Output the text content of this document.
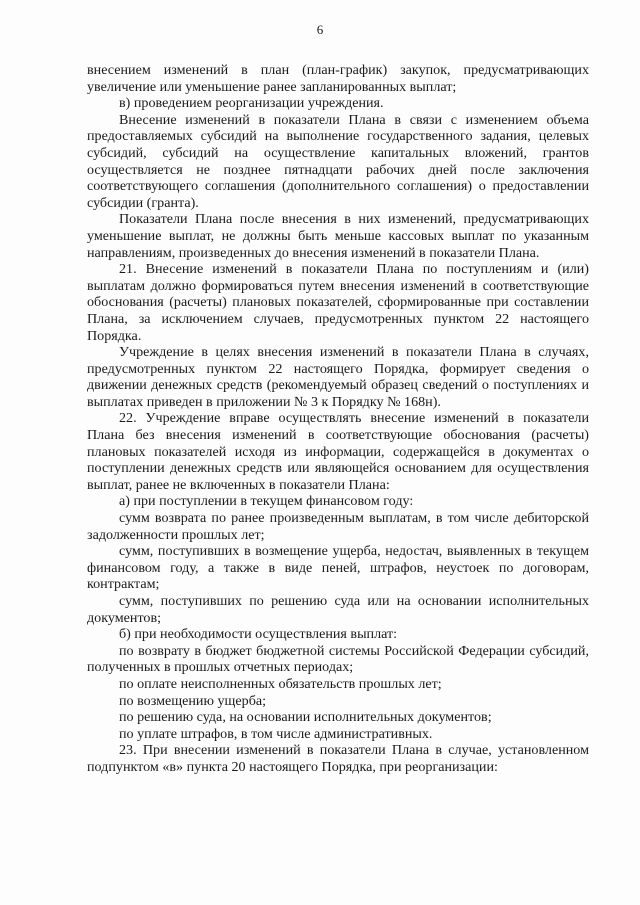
6

внесением изменений в план (план-график) закупок, предусматривающих увеличение или уменьшение ранее запланированных выплат;

в) проведением реорганизации учреждения.

Внесение изменений в показатели Плана в связи с изменением объема предоставляемых субсидий на выполнение государственного задания, целевых субсидий, субсидий на осуществление капитальных вложений, грантов осуществляется не позднее пятнадцати рабочих дней после заключения соответствующего соглашения (дополнительного соглашения) о предоставлении субсидии (гранта).

Показатели Плана после внесения в них изменений, предусматривающих уменьшение выплат, не должны быть меньше кассовых выплат по указанным направлениям, произведенных до внесения изменений в показатели Плана.

21. Внесение изменений в показатели Плана по поступлениям и (или) выплатам должно формироваться путем внесения изменений в соответствующие обоснования (расчеты) плановых показателей, сформированные при составлении Плана, за исключением случаев, предусмотренных пунктом 22 настоящего Порядка.

Учреждение в целях внесения изменений в показатели Плана в случаях, предусмотренных пунктом 22 настоящего Порядка, формирует сведения о движении денежных средств (рекомендуемый образец сведений о поступлениях и выплатах приведен в приложении № 3 к Порядку № 168н).

22. Учреждение вправе осуществлять внесение изменений в показатели Плана без внесения изменений в соответствующие обоснования (расчеты) плановых показателей исходя из информации, содержащейся в документах о поступлении денежных средств или являющейся основанием для осуществления выплат, ранее не включенных в показатели Плана:

а) при поступлении в текущем финансовом году:

сумм возврата по ранее произведенным выплатам, в том числе дебиторской задолженности прошлых лет;

сумм, поступивших в возмещение ущерба, недостач, выявленных в текущем финансовом году, а также в виде пеней, штрафов, неустоек по договорам, контрактам;

сумм, поступивших по решению суда или на основании исполнительных документов;

б) при необходимости осуществления выплат:

по возврату в бюджет бюджетной системы Российской Федерации субсидий, полученных в прошлых отчетных периодах;

по оплате неисполненных обязательств прошлых лет;

по возмещению ущерба;

по решению суда, на основании исполнительных документов;

по уплате штрафов, в том числе административных.

23. При внесении изменений в показатели Плана в случае, установленном подпунктом «в» пункта 20 настоящего Порядка, при реорганизации:
